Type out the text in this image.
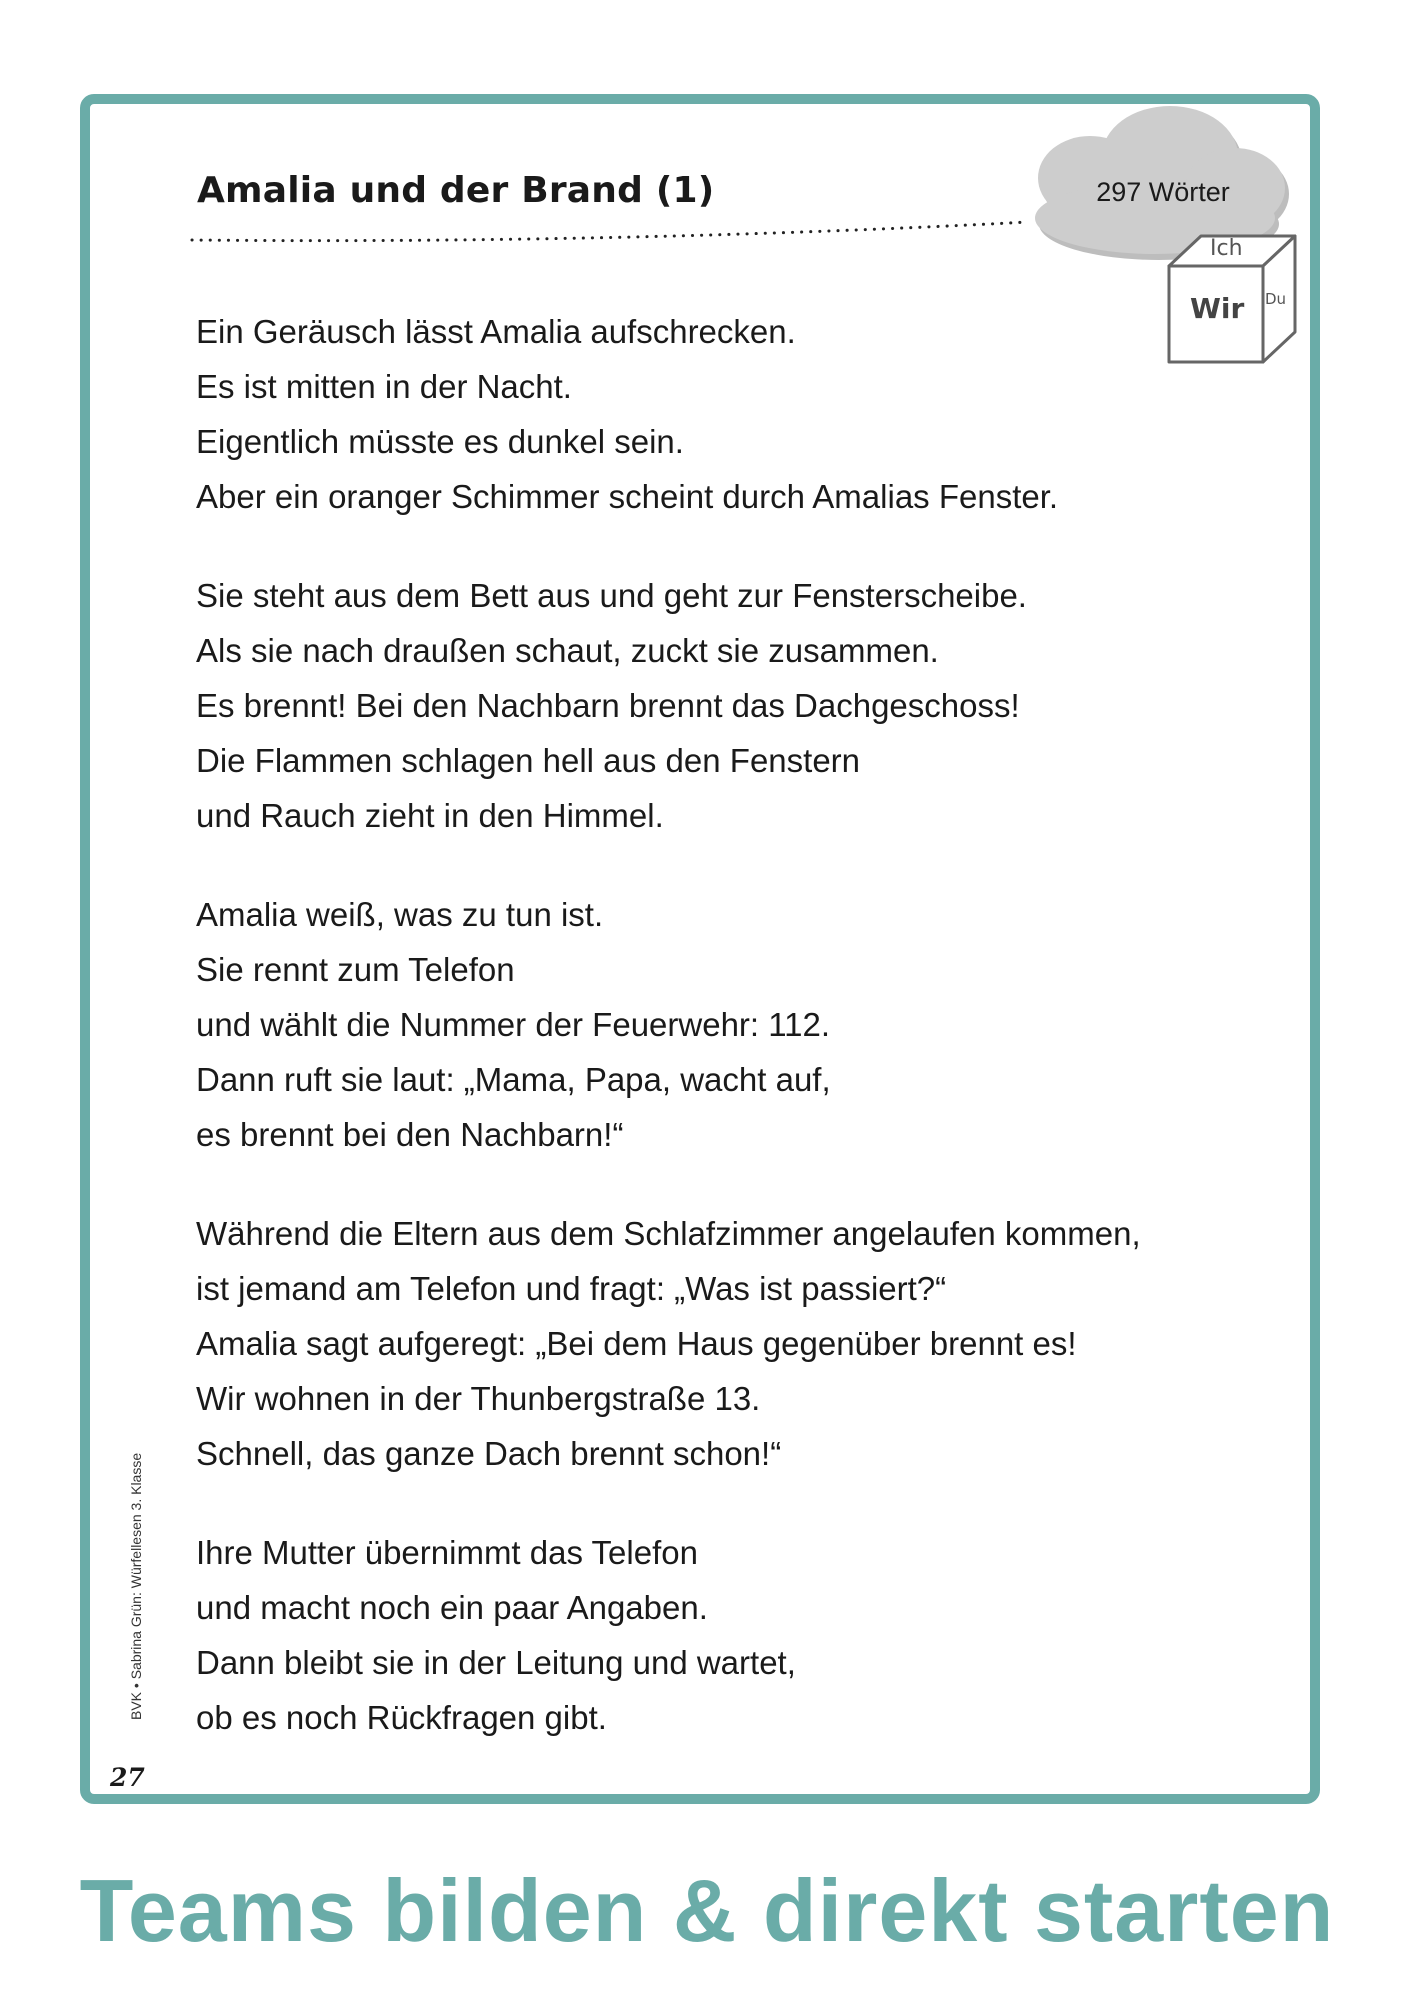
Amalia und der Brand (1)	297 Wörter
Ich
Wir Du
Ein Geräusch lässt Amalia aufschrecken.
Es ist mitten in der Nacht.
Eigentlich müsste es dunkel sein.
Aber ein oranger Schimmer scheint durch Amalias Fenster.
Sie steht aus dem Bett aus und geht zur Fensterscheibe.
Als sie nach draußen schaut, zuckt sie zusammen.
Es brennt! Bei den Nachbarn brennt das Dachgeschoss!
Die Flammen schlagen hell aus den Fenstern
und Rauch zieht in den Himmel.
Amalia weiß, was zu tun ist.
Sie rennt zum Telefon
und wählt die Nummer der Feuerwehr: 112.
Dann ruft sie laut: „Mama, Papa, wacht auf,
es brennt bei den Nachbarn!“
Während die Eltern aus dem Schlafzimmer angelaufen kommen,
ist jemand am Telefon und fragt: „Was ist passiert?“
Amalia sagt aufgeregt: „Bei dem Haus gegenüber brennt es!
Wir wohnen in der Thunbergstraße 13.
Schnell, das ganze Dach brennt schon!“
Ihre Mutter übernimmt das Telefon
und macht noch ein paar Angaben.
Dann bleibt sie in der Leitung und wartet,
ob es noch Rückfragen gibt.
BVK • Sabrina Grün: Würfellesen 3. Klasse
27
Teams bilden & direkt starten
